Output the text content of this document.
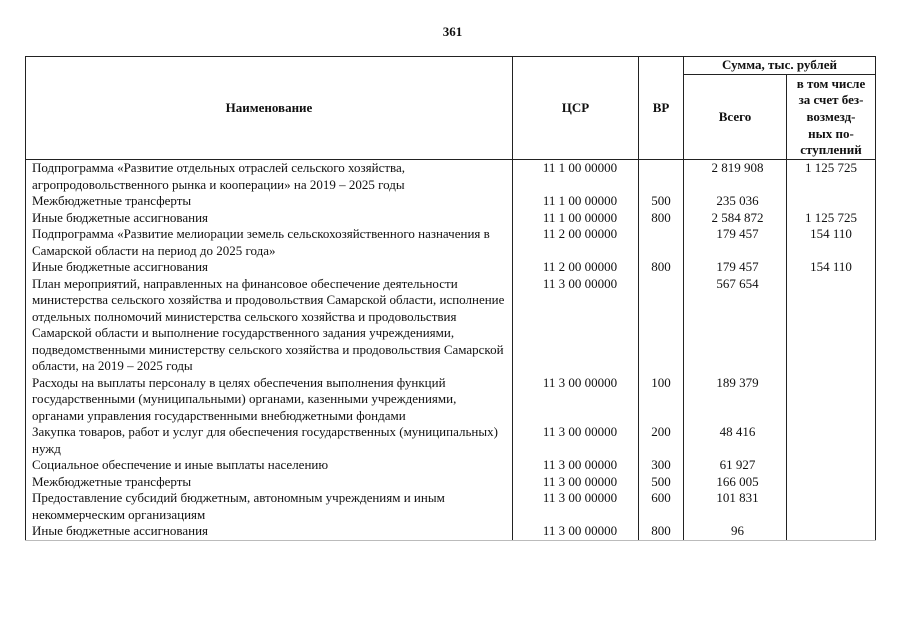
361
Наименование	ЦСР	ВР	Сумма, тыс. рублей	
			Всего	в том числе
за счет без-
возмезд-
ных по-
ступлений

Подпрограмма «Развитие отдельных отраслей сельского хозяйства, агропродовольственного рынка и кооперации» на 2019 – 2025 годы	11 1 00 00000		2 819 908	1 125 725
Межбюджетные трансферты	11 1 00 00000	500	235 036	
Иные бюджетные ассигнования	11 1 00 00000	800	2 584 872	1 125 725
Подпрограмма «Развитие мелиорации земель сельскохозяйственного назначения в Самарской области на период до 2025 года»	11 2 00 00000		179 457	154 110
Иные бюджетные ассигнования	11 2 00 00000	800	179 457	154 110
План мероприятий, направленных на финансовое обеспечение деятельности министерства сельского хозяйства и продовольствия Самарской области, исполнение отдельных полномочий министерства сельского хозяйства и продовольствия Самарской области и выполнение государственного задания учреждениями, подведомственными министерству сельского хозяйства и продовольствия Самарской области, на 2019 – 2025 годы	11 3 00 00000		567 654	
Расходы на выплаты персоналу в целях обеспечения выполнения функций государственными (муниципальными) органами, казенными учреждениями, органами управления государственными внебюджетными фондами	11 3 00 00000	100	189 379	
Закупка товаров, работ и услуг для обеспечения государственных (муниципальных) нужд	11 3 00 00000	200	48 416	
Социальное обеспечение и иные выплаты населению	11 3 00 00000	300	61 927	
Межбюджетные трансферты	11 3 00 00000	500	166 005	
Предоставление субсидий бюджетным, автономным учреждениям и иным некоммерческим организациям	11 3 00 00000	600	101 831	
Иные бюджетные ассигнования	11 3 00 00000	800	96	
